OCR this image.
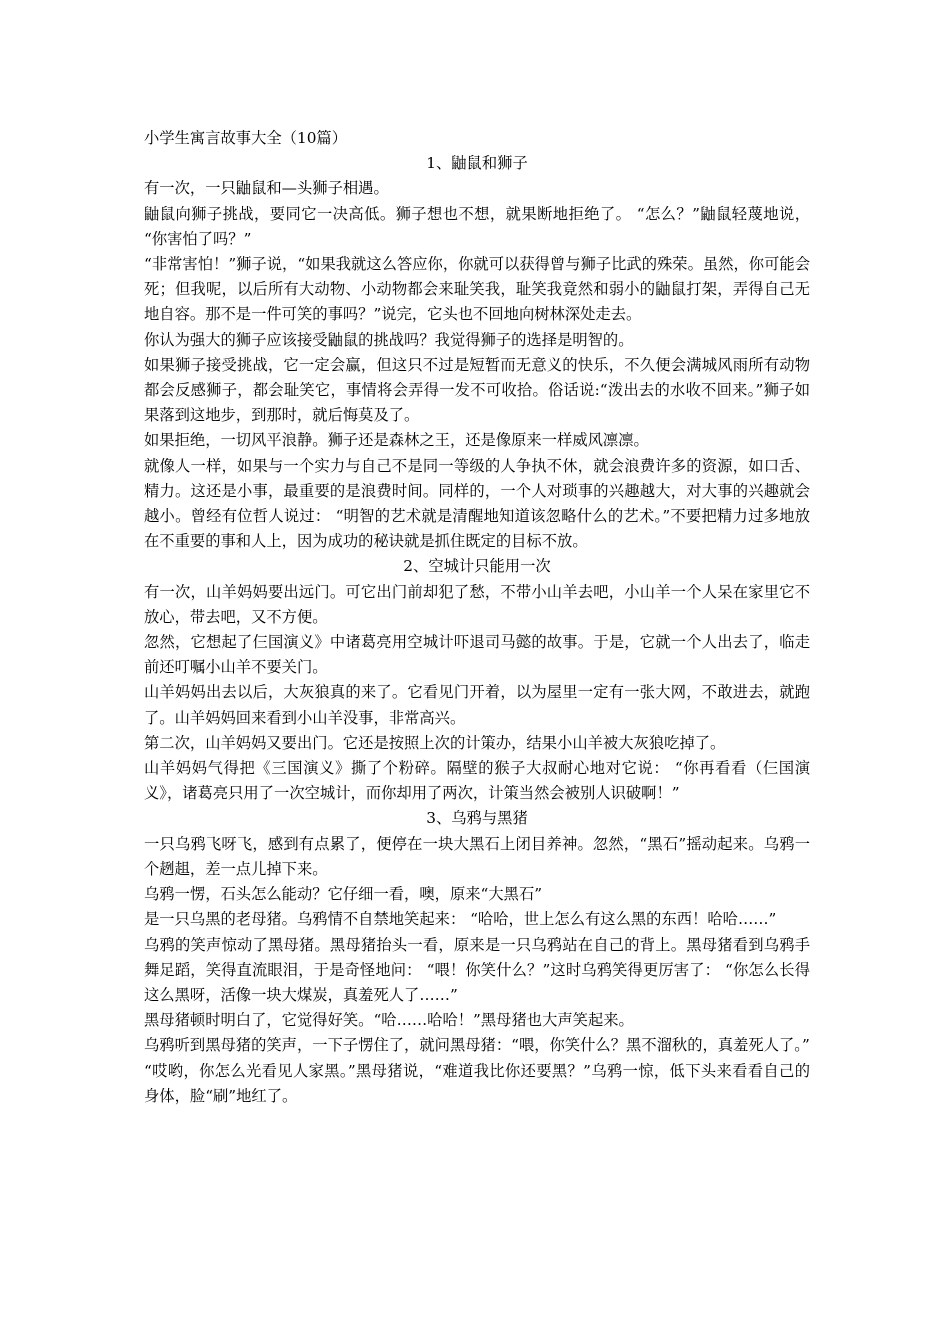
小学生寓言故事大全（10篇）
1、鼬鼠和狮子

有一次，一只鼬鼠和—头狮子相遇。

鼬鼠向狮子挑战，要同它一决高低。狮子想也不想，就果断地拒绝了。 “怎么？”鼬鼠轻蔑地说， “你害怕了吗？”

“非常害怕！”狮子说，“如果我就这么答应你，你就可以获得曾与狮子比武的殊荣。虽然，你可能会死；但我呢，以后所有大动物、小动物都会来耻笑我，耻笑我竟然和弱小的鼬鼠打架，弄得自己无地自容。那不是一件可笑的事吗？”说完，它头也不回地向树林深处走去。

你认为强大的狮子应该接受鼬鼠的挑战吗？我觉得狮子的选择是明智的。

如果狮子接受挑战，它一定会赢，但这只不过是短暂而无意义的快乐，不久便会满城风雨所有动物都会反感狮子，都会耻笑它，事情将会弄得一发不可收拾。俗话说:“泼出去的水收不回来。”狮子如果落到这地步，到那时，就后悔莫及了。

如果拒绝，一切风平浪静。狮子还是森林之王，还是像原来一样威风凛凛。

就像人一样，如果与一个实力与自己不是同一等级的人争执不休，就会浪费许多的资源，如口舌、精力。这还是小事，最重要的是浪费时间。同样的，一个人对琐事的兴趣越大，对大事的兴趣就会越小。曾经有位哲人说过： “明智的艺术就是清醒地知道该忽略什么的艺术。”不要把精力过多地放在不重要的事和人上，因为成功的秘诀就是抓住既定的目标不放。

2、空城计只能用一次

有一次，山羊妈妈要出远门。可它出门前却犯了愁，不带小山羊去吧，小山羊一个人呆在家里它不放心，带去吧，又不方便。

忽然，它想起了仨国演义》中诸葛亮用空城计吓退司马懿的故事。于是，它就一个人出去了，临走前还叮嘱小山羊不要关门。

山羊妈妈出去以后，大灰狼真的来了。它看见门开着，以为屋里一定有一张大网，不敢进去，就跑了。山羊妈妈回来看到小山羊没事，非常高兴。

第二次，山羊妈妈又要出门。它还是按照上次的计策办，结果小山羊被大灰狼吃掉了。

山羊妈妈气得把《三国演义》撕了个粉碎。隔壁的猴子大叔耐心地对它说： “你再看看（仨国演义》，诸葛亮只用了一次空城计，而你却用了两次，计策当然会被别人识破啊！”

3、乌鸦与黑猪

一只乌鸦飞呀飞，感到有点累了，便停在一块大黑石上闭目养神。忽然，“黑石”摇动起来。乌鸦一个趔趄，差一点儿掉下来。

乌鸦一愣，石头怎么能动？它仔细一看，噢，原来“大黑石”

是一只乌黑的老母猪。乌鸦情不自禁地笑起来： “哈哈，世上怎么有这么黑的东西！哈哈……”

乌鸦的笑声惊动了黑母猪。黑母猪抬头一看，原来是一只乌鸦站在自己的背上。黑母猪看到乌鸦手舞足蹈，笑得直流眼泪，于是奇怪地问： “喂！你笑什么？”这时乌鸦笑得更厉害了： “你怎么长得这么黑呀，活像一块大煤炭，真羞死人了……”

黑母猪顿时明白了，它觉得好笑。“哈……哈哈！”黑母猪也大声笑起来。

乌鸦听到黑母猪的笑声，一下子愣住了，就问黑母猪：“喂，你笑什么？黑不溜秋的，真羞死人了。”

“哎哟，你怎么光看见人家黑。”黑母猪说，“难道我比你还要黑？”乌鸦一惊，低下头来看看自己的身体，脸“刷”地红了。
